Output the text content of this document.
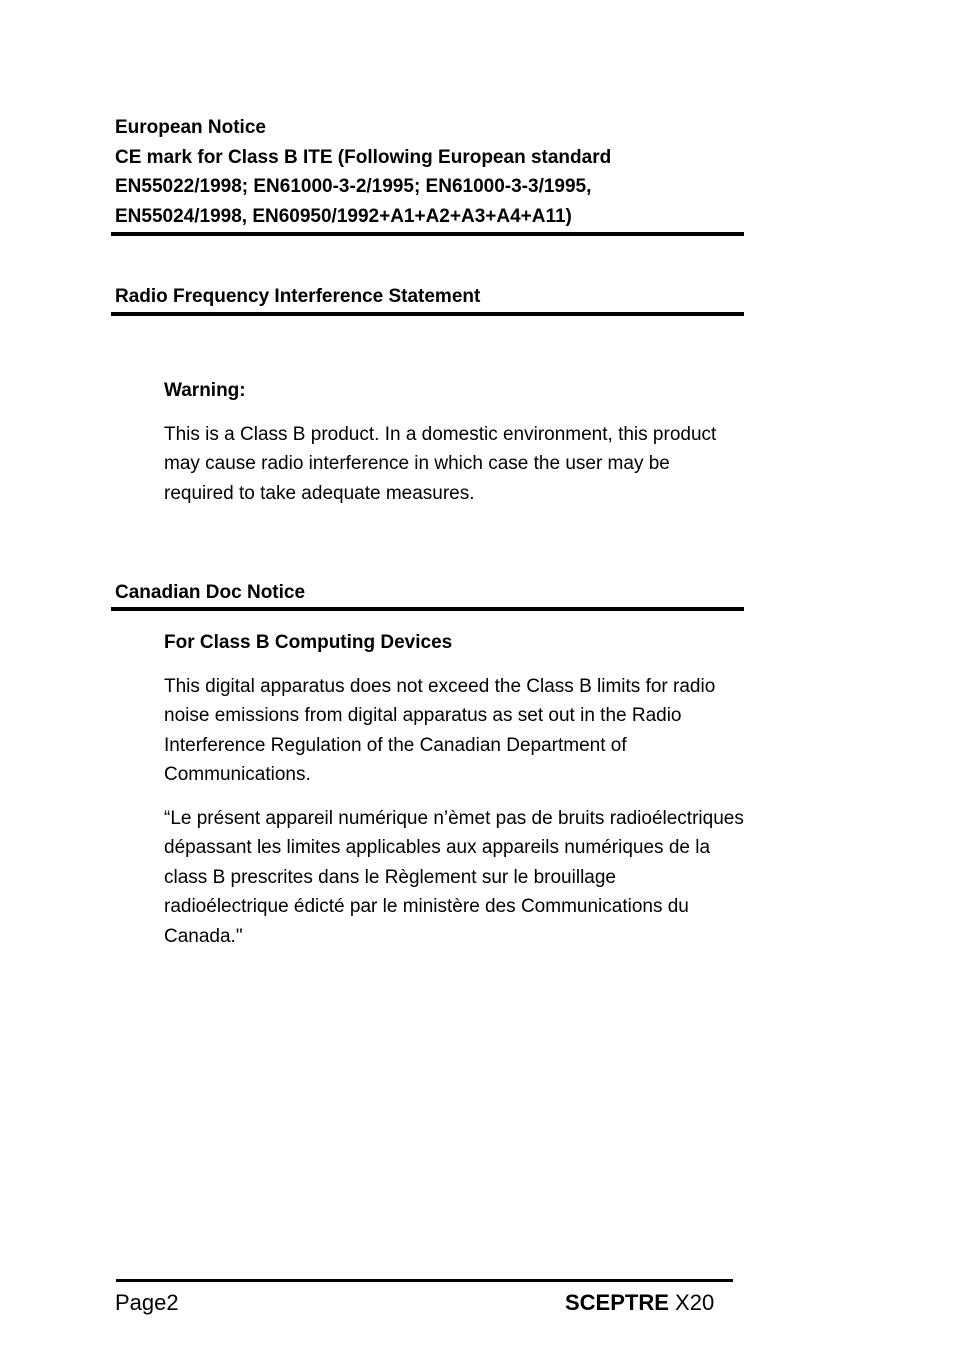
European Notice

CE mark for Class B ITE (Following European standard

EN55022/1998; EN61000-3-2/1995; EN61000-3-3/1995,

EN55024/1998, EN60950/1992+A1+A2+A3+A4+A11)

Radio Frequency Interference Statement

Warning:

This is a Class B product. In a domestic environment, this product may cause radio interference in which case the user may be required to take adequate measures.

Canadian Doc Notice

For Class B Computing Devices

This digital apparatus does not exceed the Class B limits for radio noise emissions from digital apparatus as set out in the Radio Interference Regulation of the Canadian Department of Communications.

“Le présent appareil numérique n’èmet pas de bruits radioélectriques dépassant les limites applicables aux appareils numériques de la class B prescrites dans le Règlement sur le brouillage radioélectrique édicté par le ministère des Communications du Canada."

Page2	SCEPTRE X20
